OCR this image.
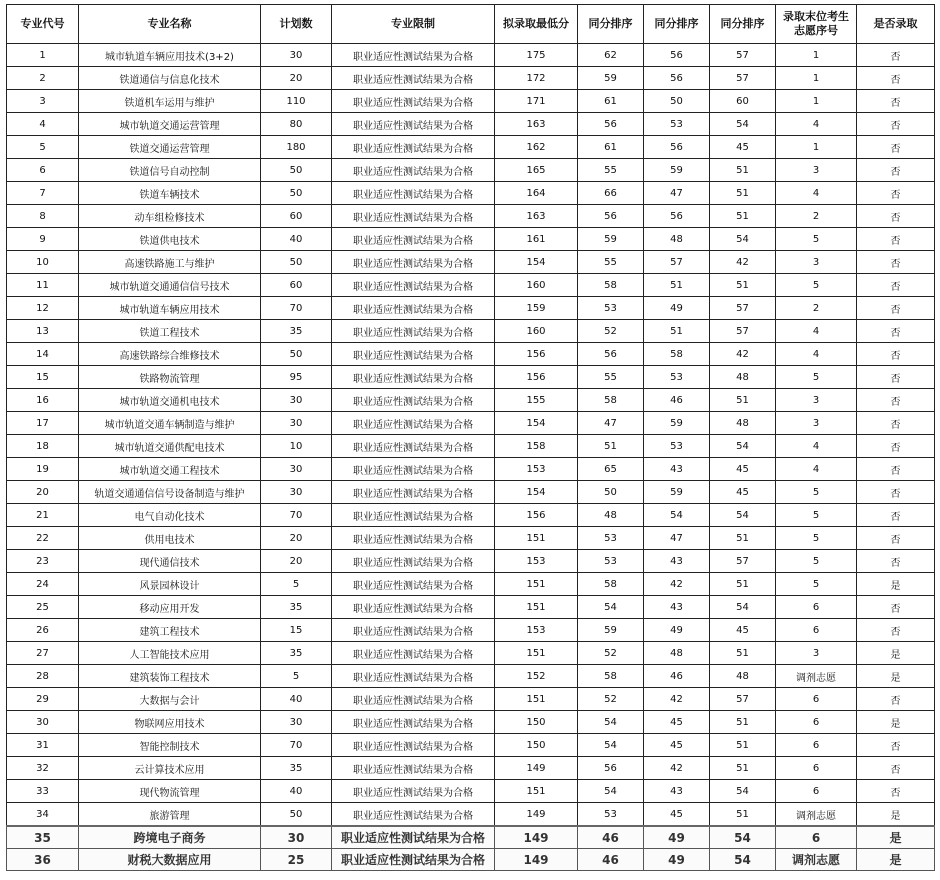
专业代号	专业名称	计划数	专业限制	拟录取最低分	同分排序	同分排序	同分排序	录取末位考生志愿序号	是否录取
1	城市轨道车辆应用技术(3+2)	30	职业适应性测试结果为合格	175	62	56	57	1	否
2	铁道通信与信息化技术	20	职业适应性测试结果为合格	172	59	56	57	1	否
3	铁道机车运用与维护	110	职业适应性测试结果为合格	171	61	50	60	1	否
4	城市轨道交通运营管理	80	职业适应性测试结果为合格	163	56	53	54	4	否
5	铁道交通运营管理	180	职业适应性测试结果为合格	162	61	56	45	1	否
6	铁道信号自动控制	50	职业适应性测试结果为合格	165	55	59	51	3	否
7	铁道车辆技术	50	职业适应性测试结果为合格	164	66	47	51	4	否
8	动车组检修技术	60	职业适应性测试结果为合格	163	56	56	51	2	否
9	铁道供电技术	40	职业适应性测试结果为合格	161	59	48	54	5	否
10	高速铁路施工与维护	50	职业适应性测试结果为合格	154	55	57	42	3	否
11	城市轨道交通通信信号技术	60	职业适应性测试结果为合格	160	58	51	51	5	否
12	城市轨道车辆应用技术	70	职业适应性测试结果为合格	159	53	49	57	2	否
13	铁道工程技术	35	职业适应性测试结果为合格	160	52	51	57	4	否
14	高速铁路综合维修技术	50	职业适应性测试结果为合格	156	56	58	42	4	否
15	铁路物流管理	95	职业适应性测试结果为合格	156	55	53	48	5	否
16	城市轨道交通机电技术	30	职业适应性测试结果为合格	155	58	46	51	3	否
17	城市轨道交通车辆制造与维护	30	职业适应性测试结果为合格	154	47	59	48	3	否
18	城市轨道交通供配电技术	10	职业适应性测试结果为合格	158	51	53	54	4	否
19	城市轨道交通工程技术	30	职业适应性测试结果为合格	153	65	43	45	4	否
20	轨道交通通信信号设备制造与维护	30	职业适应性测试结果为合格	154	50	59	45	5	否
21	电气自动化技术	70	职业适应性测试结果为合格	156	48	54	54	5	否
22	供用电技术	20	职业适应性测试结果为合格	151	53	47	51	5	否
23	现代通信技术	20	职业适应性测试结果为合格	153	53	43	57	5	否
24	风景园林设计	5	职业适应性测试结果为合格	151	58	42	51	5	是
25	移动应用开发	35	职业适应性测试结果为合格	151	54	43	54	6	否
26	建筑工程技术	15	职业适应性测试结果为合格	153	59	49	45	6	否
27	人工智能技术应用	35	职业适应性测试结果为合格	151	52	48	51	3	是
28	建筑装饰工程技术	5	职业适应性测试结果为合格	152	58	46	48	调剂志愿	是
29	大数据与会计	40	职业适应性测试结果为合格	151	52	42	57	6	否
30	物联网应用技术	30	职业适应性测试结果为合格	150	54	45	51	6	是
31	智能控制技术	70	职业适应性测试结果为合格	150	54	45	51	6	否
32	云计算技术应用	35	职业适应性测试结果为合格	149	56	42	51	6	否
33	现代物流管理	40	职业适应性测试结果为合格	151	54	43	54	6	否
34	旅游管理	50	职业适应性测试结果为合格	149	53	45	51	调剂志愿	是
35	跨境电子商务	30	职业适应性测试结果为合格	149	46	49	54	6	是
36	财税大数据应用	25	职业适应性测试结果为合格	149	46	49	54	调剂志愿	是
